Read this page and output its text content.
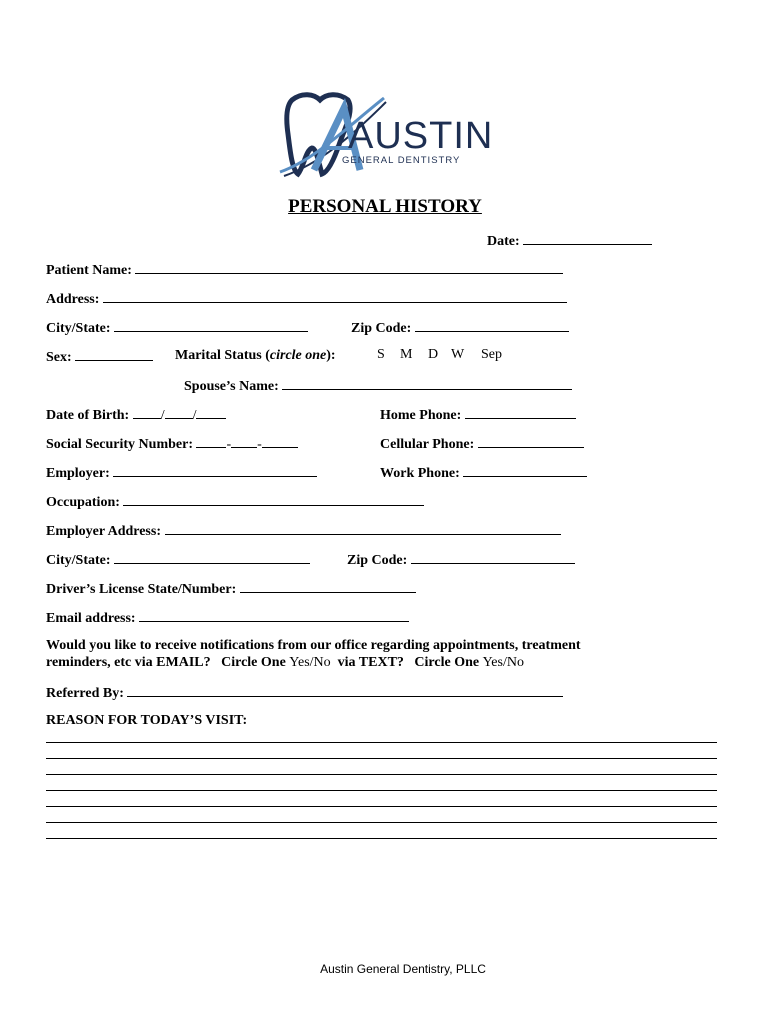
AUSTIN
GENERAL DENTISTRY
PERSONAL HISTORY
Date:
Patient Name:
Address:
City/State:	Zip Code:
Sex:	Marital Status (circle one):	S M D W Sep
Spouse’s Name:
Date of Birth: / /	Home Phone:
Social Security Number: - -	Cellular Phone:
Employer:	Work Phone:
Occupation:
Employer Address:
City/State:	Zip Code:
Driver’s License State/Number:
Email address:
Would you like to receive notifications from our office regarding appointments, treatment
reminders, etc via EMAIL? Circle One Yes/No via TEXT? Circle One Yes/No
Referred By:
REASON FOR TODAY’S VISIT:
Austin General Dentistry, PLLC
